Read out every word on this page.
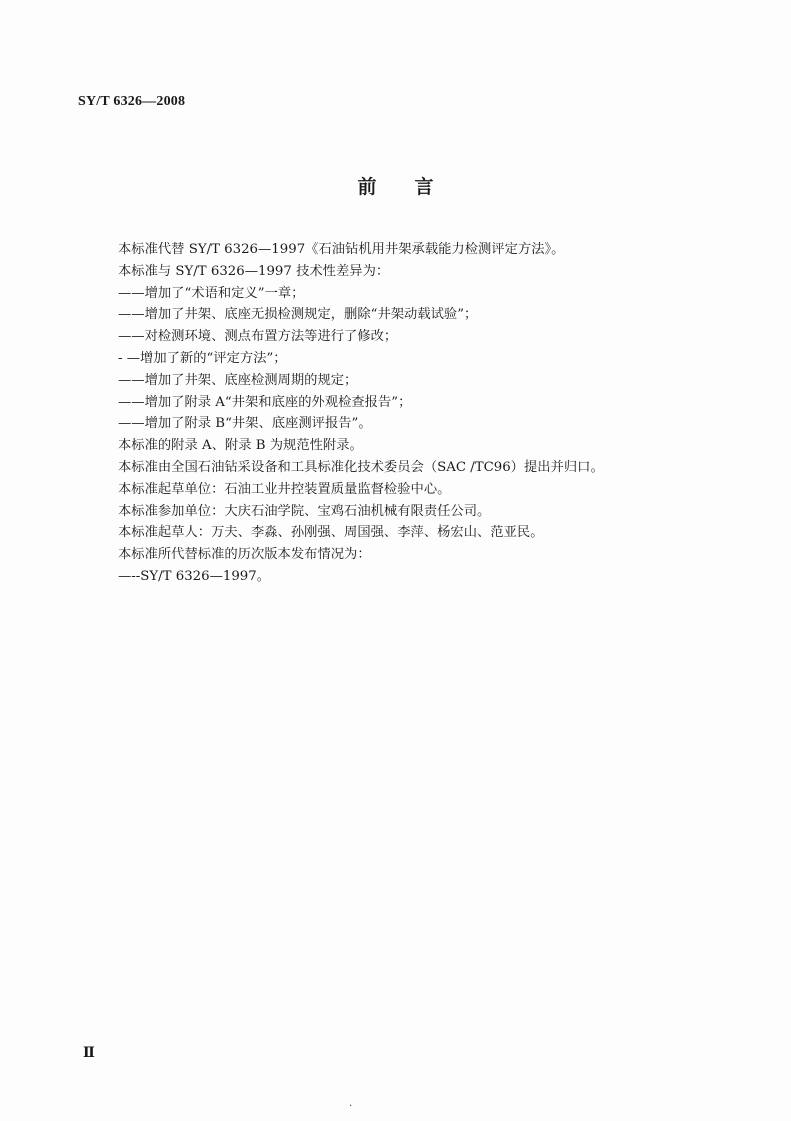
SY/T 6326—2008
前言
本标准代替 SY/T 6326—1997《石油钻机用井架承载能力检测评定方法》。
本标准与 SY/T 6326—1997 技术性差异为：
——增加了“术语和定义”一章；
——增加了井架、底座无损检测规定，删除“井架动载试验”；
——对检测环境、测点布置方法等进行了修改；
- —增加了新的“评定方法”；
——增加了井架、底座检测周期的规定；
——增加了附录 A“井架和底座的外观检查报告”；
——增加了附录 B“井架、底座测评报告”。
本标准的附录 A、附录 B 为规范性附录。
本标准由全国石油钻采设备和工具标准化技术委员会（SAC /TC96）提出并归口。
本标准起草单位：石油工业井控装置质量监督检验中心。
本标准参加单位：大庆石油学院、宝鸡石油机械有限责任公司。
本标准起草人：万夫、李淼、孙刚强、周国强、李萍、杨宏山、范亚民。
本标准所代替标准的历次版本发布情况为：
—--SY/T 6326—1997。
Ⅱ
.
